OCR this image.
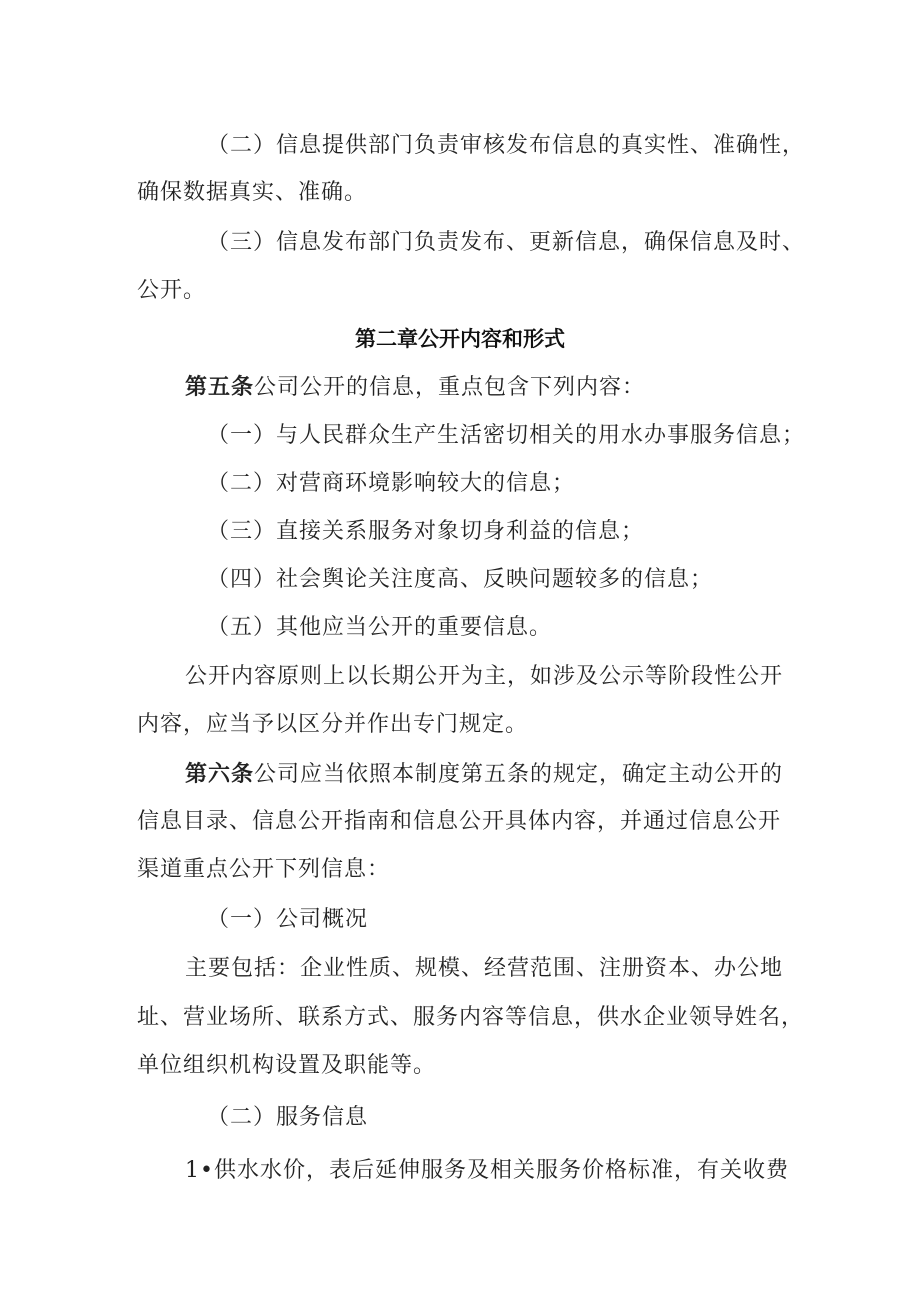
（二）信息提供部门负责审核发布信息的真实性、准确性，

确保数据真实、准确。

（三）信息发布部门负责发布、更新信息，确保信息及时、

公开。

第二章公开内容和形式

第五条公司公开的信息，重点包含下列内容：

（一）与人民群众生产生活密切相关的用水办事服务信息；

（二）对营商环境影响较大的信息；

（三）直接关系服务对象切身利益的信息；

（四）社会舆论关注度高、反映问题较多的信息；

（五）其他应当公开的重要信息。

公开内容原则上以长期公开为主，如涉及公示等阶段性公开

内容，应当予以区分并作出专门规定。

第六条公司应当依照本制度第五条的规定，确定主动公开的

信息目录、信息公开指南和信息公开具体内容，并通过信息公开

渠道重点公开下列信息：

（一）公司概况

主要包括：企业性质、规模、经营范围、注册资本、办公地

址、营业场所、联系方式、服务内容等信息，供水企业领导姓名，

单位组织机构设置及职能等。

（二）服务信息

1•供水水价，表后延伸服务及相关服务价格标准，有关收费
